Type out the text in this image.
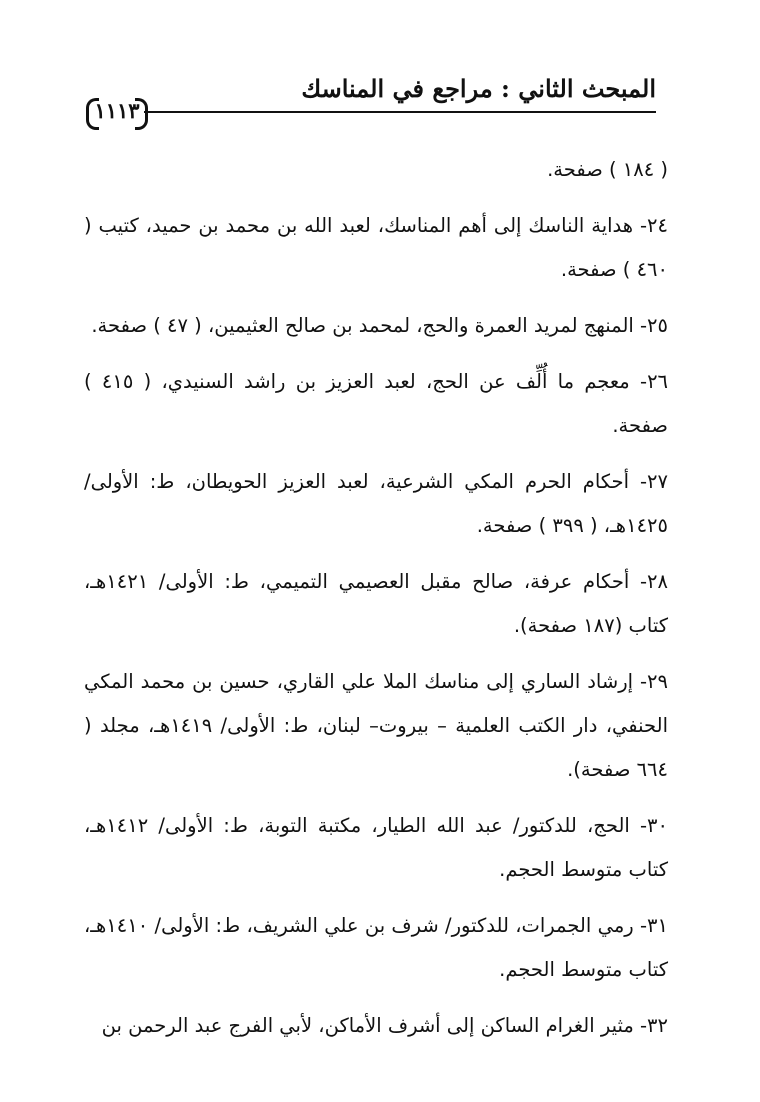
المبحث الثاني : مراجع في المناسك
١١١٣
( ١٨٤ ) صفحة.
٢٤- هداية الناسك إلى أهم المناسك، لعبد الله بن محمد بن حميد، كتيب ( ٤٦٠ ) صفحة.
٢٥- المنهج لمريد العمرة والحج، لمحمد بن صالح العثيمين، ( ٤٧ ) صفحة.
٢٦- معجم ما أُلِّف عن الحج، لعبد العزيز بن راشد السنيدي، ( ٤١٥ ) صفحة.
٢٧- أحكام الحرم المكي الشرعية، لعبد العزيز الحويطان، ط: الأولى/ ١٤٢٥هـ، ( ٣٩٩ ) صفحة.
٢٨- أحكام عرفة، صالح مقبل العصيمي التميمي، ط: الأولى/ ١٤٢١هـ، كتاب (١٨٧ صفحة).
٢٩- إرشاد الساري إلى مناسك الملا علي القاري، حسين بن محمد المكي الحنفي، دار الكتب العلمية – بيروت– لبنان، ط: الأولى/ ١٤١٩هـ، مجلد ( ٦٦٤ صفحة).
٣٠- الحج، للدكتور/ عبد الله الطيار، مكتبة التوبة، ط: الأولى/ ١٤١٢هـ، كتاب متوسط الحجم.
٣١- رمي الجمرات، للدكتور/ شرف بن علي الشريف، ط: الأولى/ ١٤١٠هـ، كتاب متوسط الحجم.
٣٢- مثير الغرام الساكن إلى أشرف الأماكن، لأبي الفرج عبد الرحمن بن
